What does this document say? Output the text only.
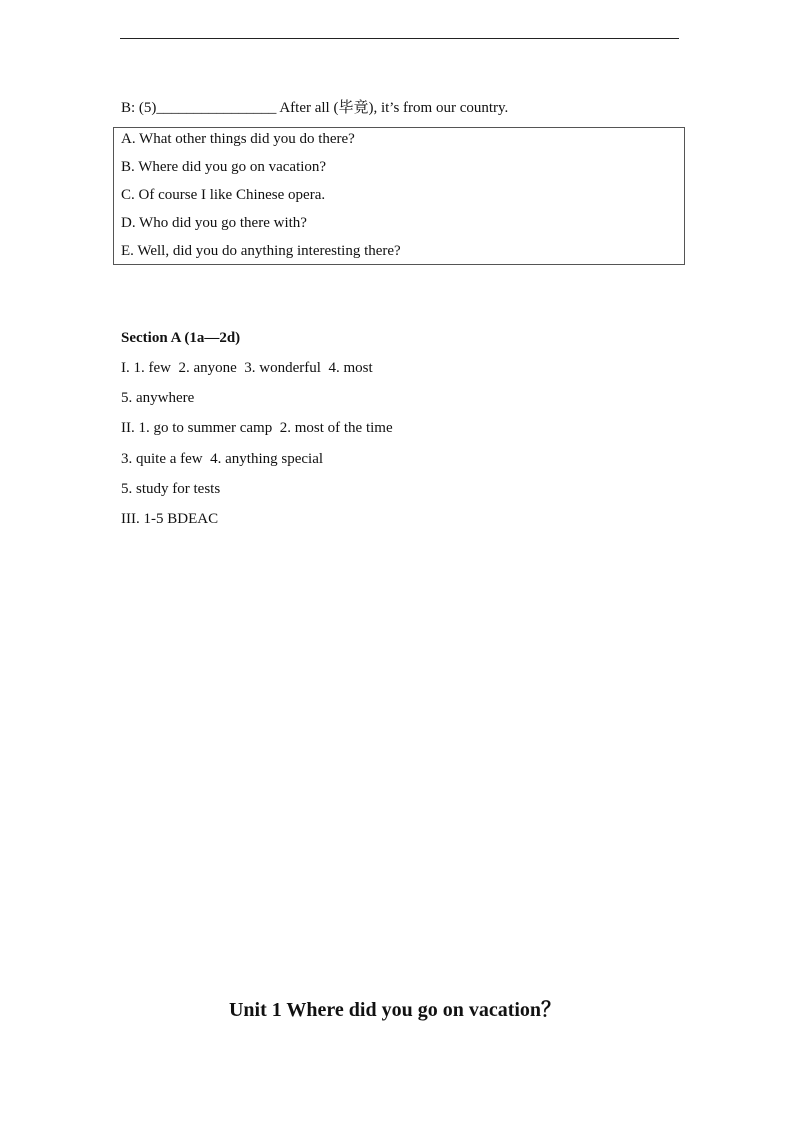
B: (5)________________ After all (毕竟), it’s from our country.
A. What other things did you do there?
B. Where did you go on vacation?
C. Of course I like Chinese opera.
D. Who did you go there with?
E. Well, did you do anything interesting there?
Section A (1a—2d)
I. 1. few  2. anyone  3. wonderful  4. most
5. anywhere
II. 1. go to summer camp  2. most of the time
3. quite a few  4. anything special
5. study for tests
III. 1-5 BDEAC
Unit 1 Where did you go on vacation？
